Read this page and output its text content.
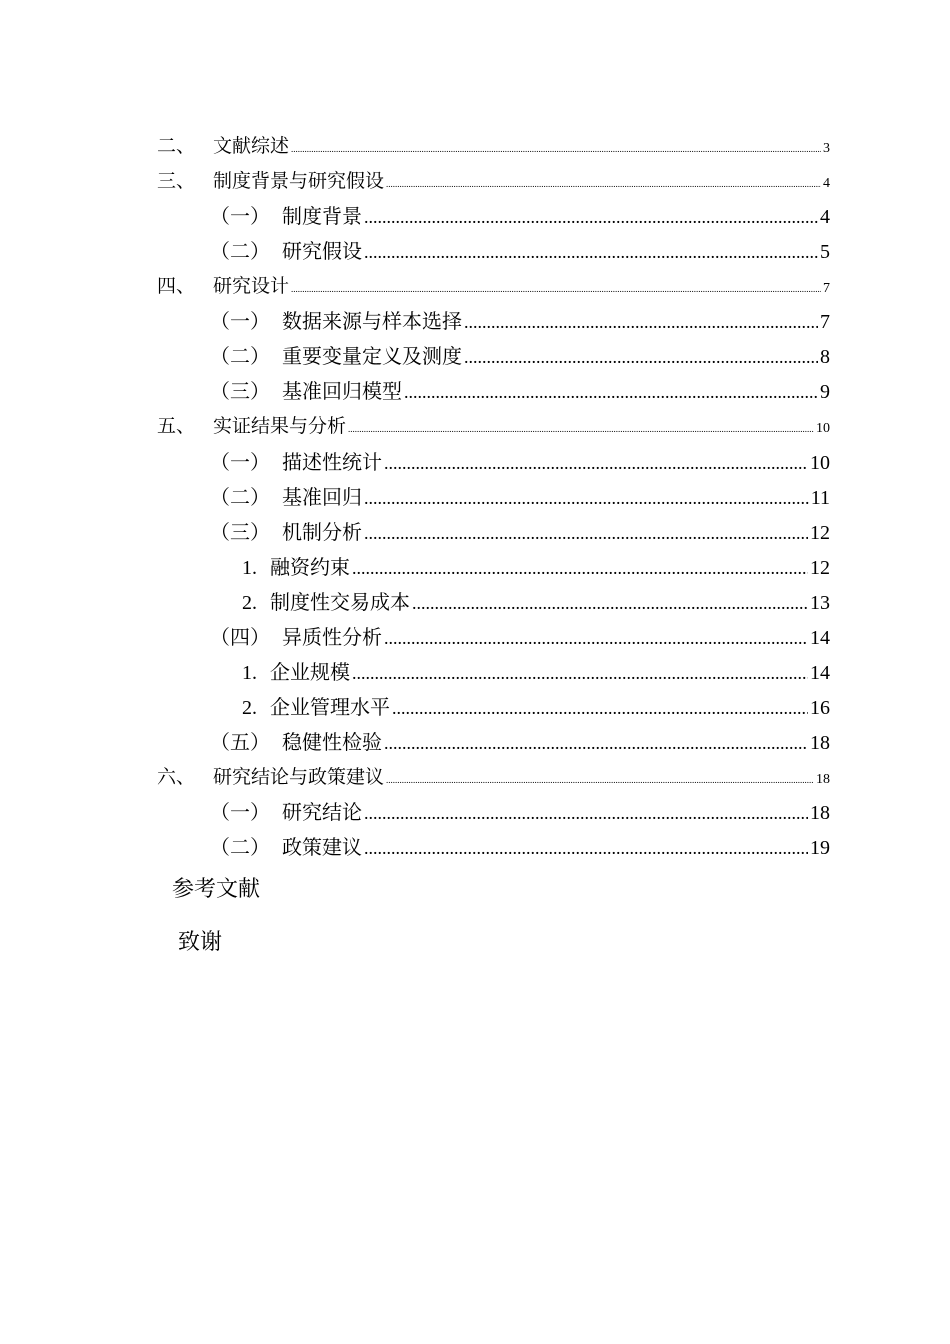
二、 文献综述 .....	3
三、 制度背景与研究假设 .....	4
（一） 制度背景 .....	4
（二） 研究假设 .....	5
四、 研究设计 .....	7
（一） 数据来源与样本选择 .....	7
（二） 重要变量定义及测度 .....	8
（三） 基准回归模型 .....	9
五、 实证结果与分析 .....	10
（一） 描述性统计 .....	10
（二） 基准回归 .....	11
（三） 机制分析 .....	12
1. 融资约束 .....	12
2. 制度性交易成本 .....	13
（四） 异质性分析 .....	14
1. 企业规模 .....	14
2. 企业管理水平 .....	16
（五） 稳健性检验 .....	18
六、 研究结论与政策建议 .....	18
（一） 研究结论 .....	18
（二） 政策建议 .....	19
参考文献
致谢
